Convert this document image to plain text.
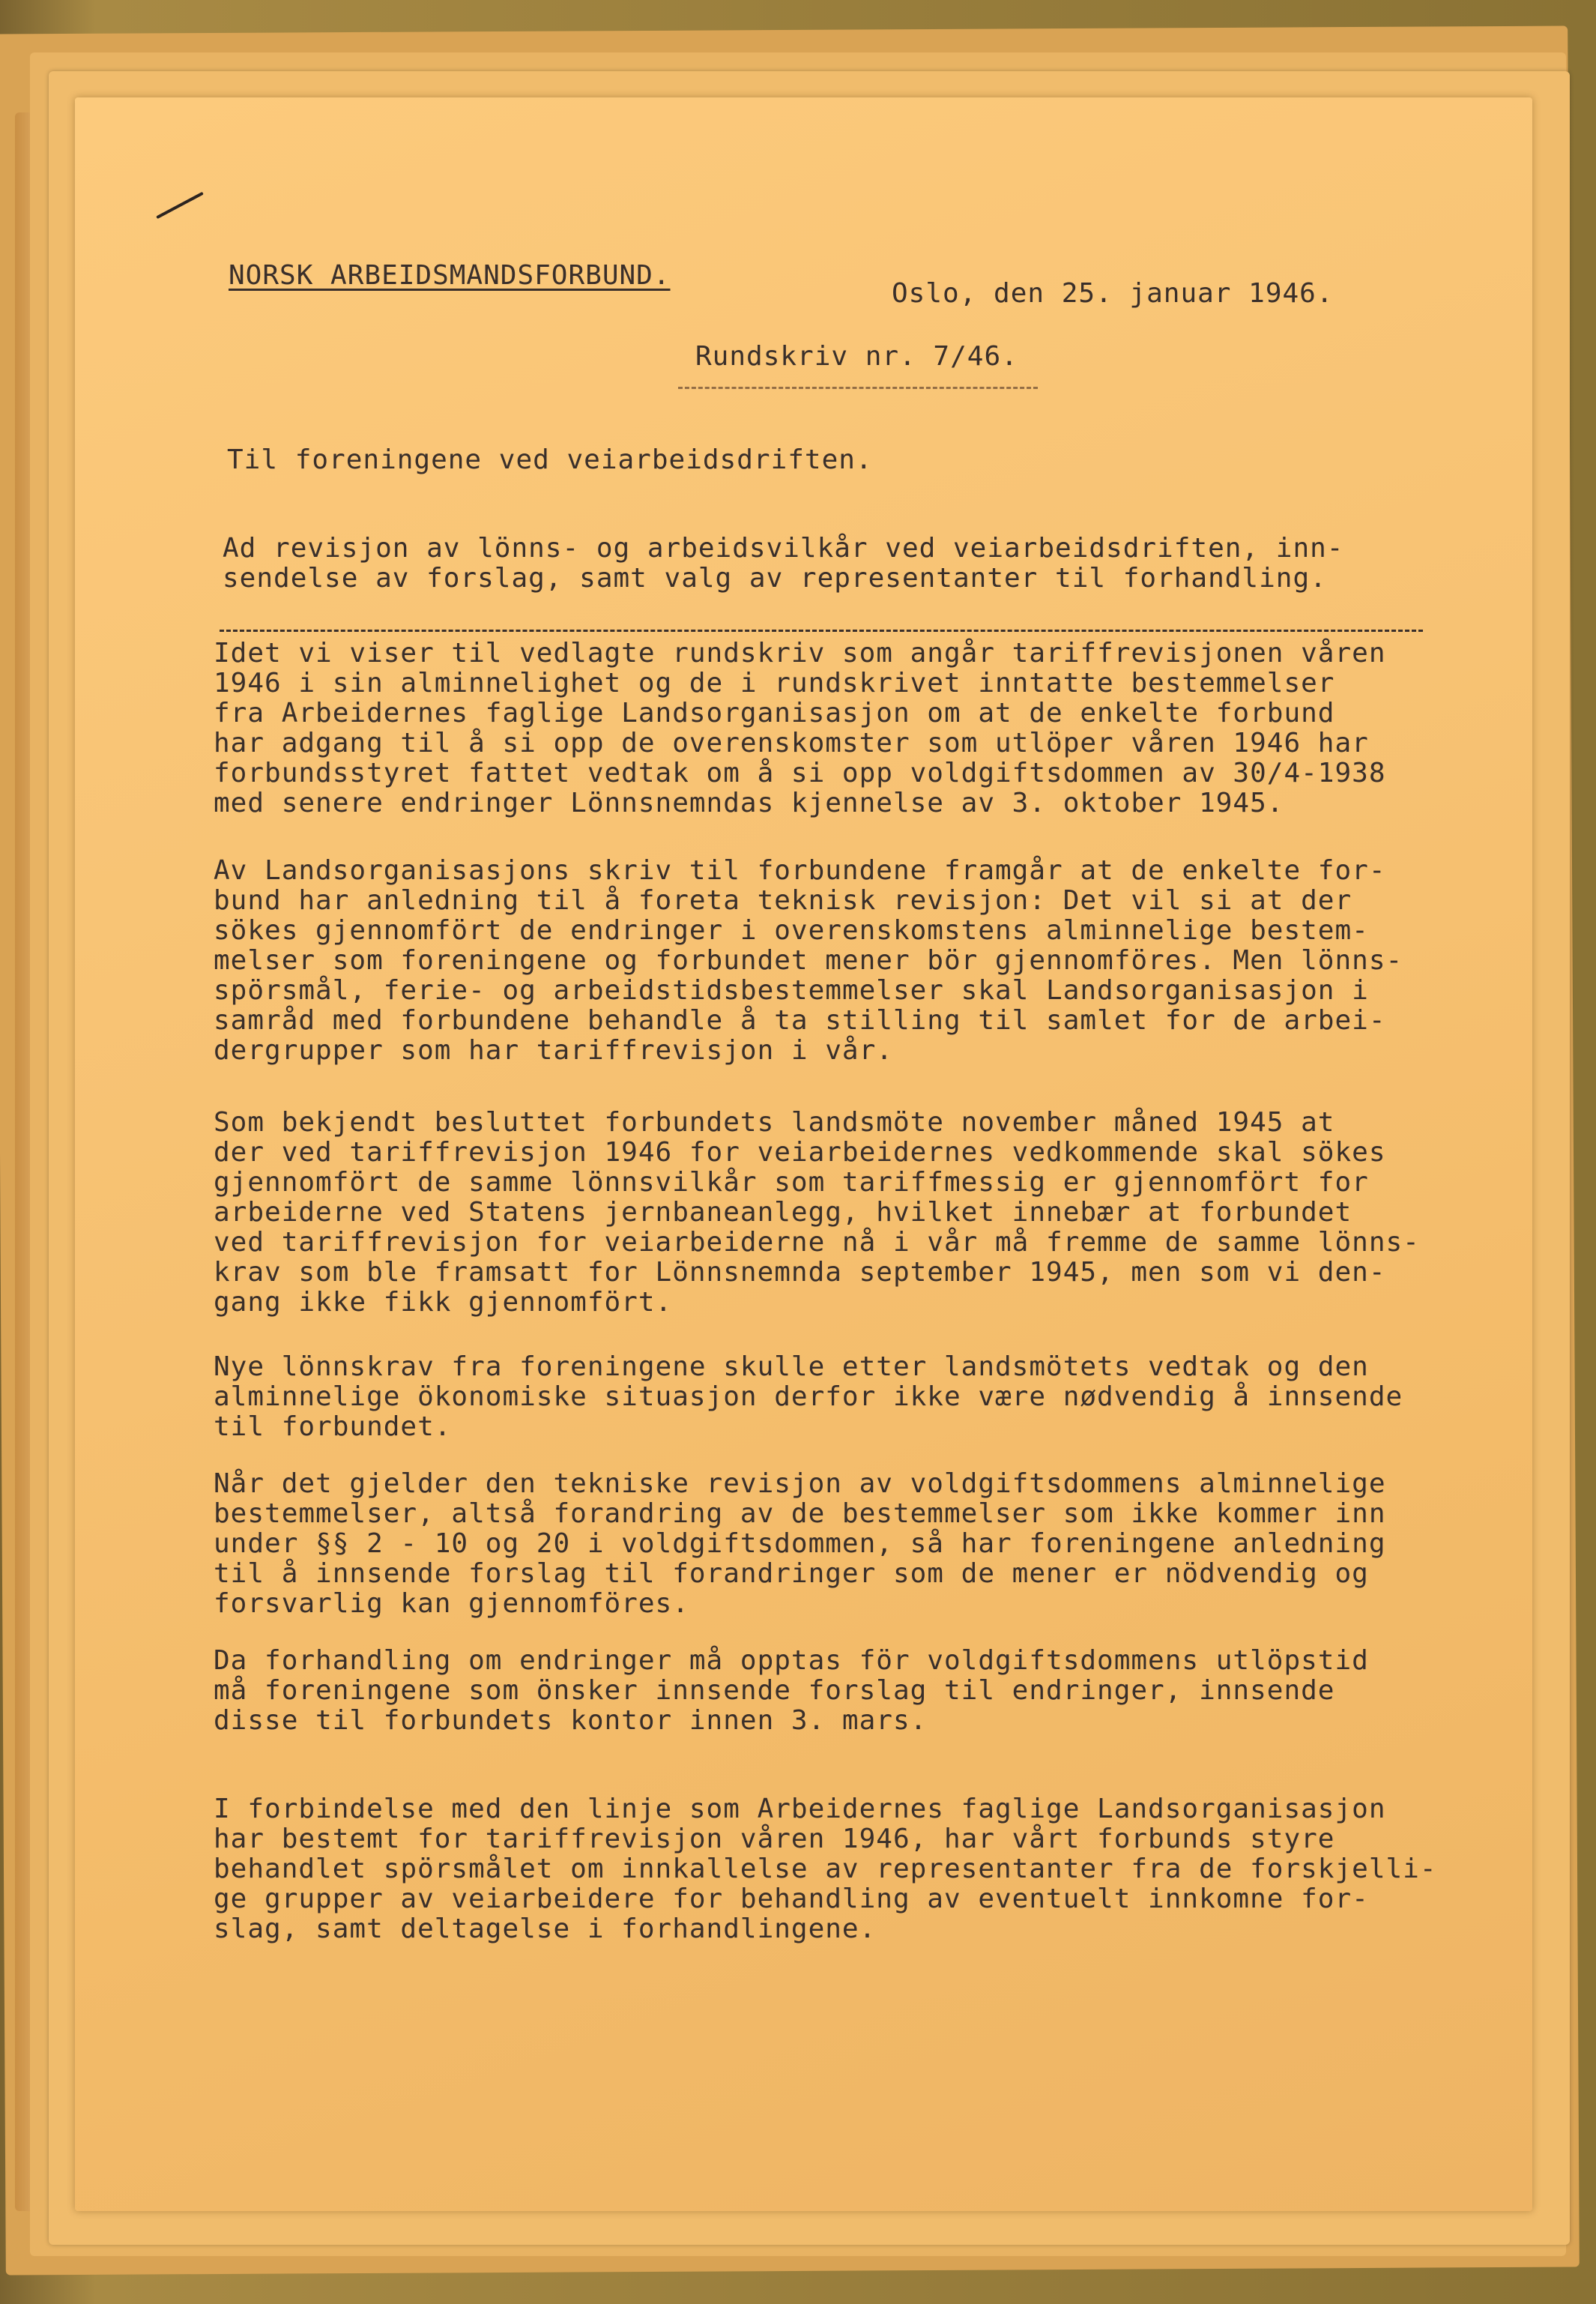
NORSK ARBEIDSMANDSFORBUND.
Oslo, den 25. januar 1946.
Rundskriv nr. 7/46.
Til foreningene ved veiarbeidsdriften.
Ad revisjon av lönns- og arbeidsvilkår ved veiarbeidsdriften, inn-
sendelse av forslag, samt valg av representanter til forhandling.
Idet vi viser til vedlagte rundskriv som angår tariffrevisjonen våren
1946 i sin alminnelighet og de i rundskrivet inntatte bestemmelser
fra Arbeidernes faglige Landsorganisasjon om at de enkelte forbund
har adgang til å si opp de overenskomster som utlöper våren 1946 har
forbundsstyret fattet vedtak om å si opp voldgiftsdommen av 30/4-1938
med senere endringer Lönnsnemndas kjennelse av 3. oktober 1945.
Av Landsorganisasjons skriv til forbundene framgår at de enkelte for-
bund har anledning til å foreta teknisk revisjon: Det vil si at der
sökes gjennomfört de endringer i overenskomstens alminnelige bestem-
melser som foreningene og forbundet mener bör gjennomföres. Men lönns-
spörsmål, ferie- og arbeidstidsbestemmelser skal Landsorganisasjon i
samråd med forbundene behandle å ta stilling til samlet for de arbei-
dergrupper som har tariffrevisjon i vår.
Som bekjendt besluttet forbundets landsmöte november måned 1945 at
der ved tariffrevisjon 1946 for veiarbeidernes vedkommende skal sökes
gjennomfört de samme lönnsvilkår som tariffmessig er gjennomfört for
arbeiderne ved Statens jernbaneanlegg, hvilket innebær at forbundet
ved tariffrevisjon for veiarbeiderne nå i vår må fremme de samme lönns-
krav som ble framsatt for Lönnsnemnda september 1945, men som vi den-
gang ikke fikk gjennomfört.
Nye lönnskrav fra foreningene skulle etter landsmötets vedtak og den
alminnelige ökonomiske situasjon derfor ikke være nødvendig å innsende
til forbundet.
Når det gjelder den tekniske revisjon av voldgiftsdommens alminnelige
bestemmelser, altså forandring av de bestemmelser som ikke kommer inn
under §§ 2 - 10 og 20 i voldgiftsdommen, så har foreningene anledning
til å innsende forslag til forandringer som de mener er nödvendig og
forsvarlig kan gjennomföres.
Da forhandling om endringer må opptas för voldgiftsdommens utlöpstid
må foreningene som önsker innsende forslag til endringer, innsende
disse til forbundets kontor innen 3. mars.
I forbindelse med den linje som Arbeidernes faglige Landsorganisasjon
har bestemt for tariffrevisjon våren 1946, har vårt forbunds styre
behandlet spörsmålet om innkallelse av representanter fra de forskjelli-
ge grupper av veiarbeidere for behandling av eventuelt innkomne for-
slag, samt deltagelse i forhandlingene.
